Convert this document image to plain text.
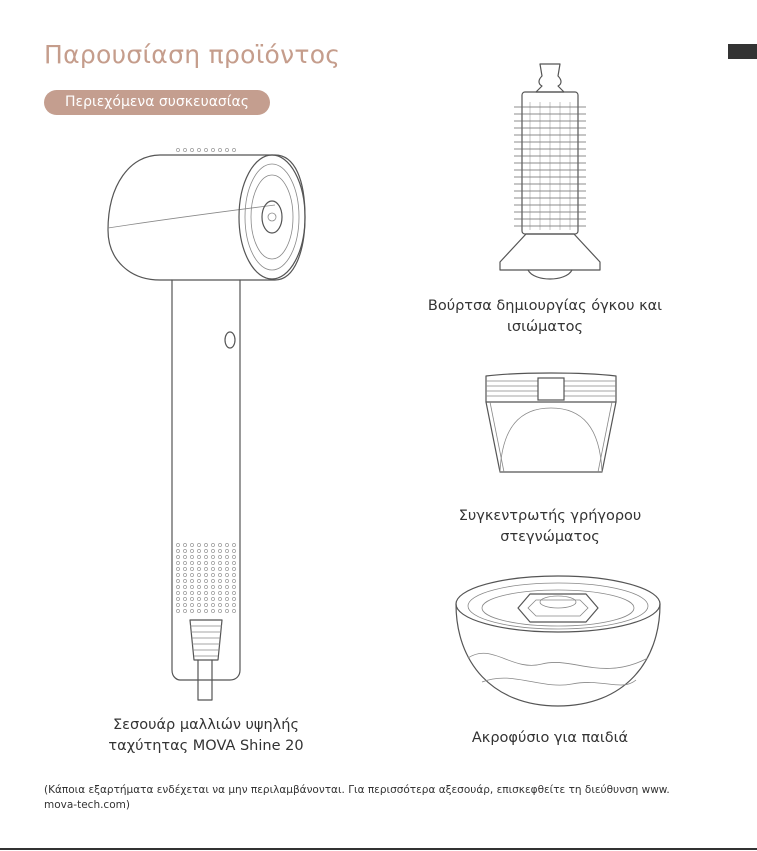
Παρουσίαση προϊόντος
Περιεχόμενα συσκευασίας
Σεσουάρ μαλλιών υψηλής ταχύτητας MOVA Shine 20
Βούρτσα δημιουργίας όγκου και ισιώματος
Συγκεντρωτής γρήγορου στεγνώματος
Ακροφύσιο για παιδιά
(Κάποια εξαρτήματα ενδέχεται να μην περιλαμβάνονται. Για περισσότερα αξεσουάρ, επισκεφθείτε τη διεύθυνση www. mova-tech.com)
